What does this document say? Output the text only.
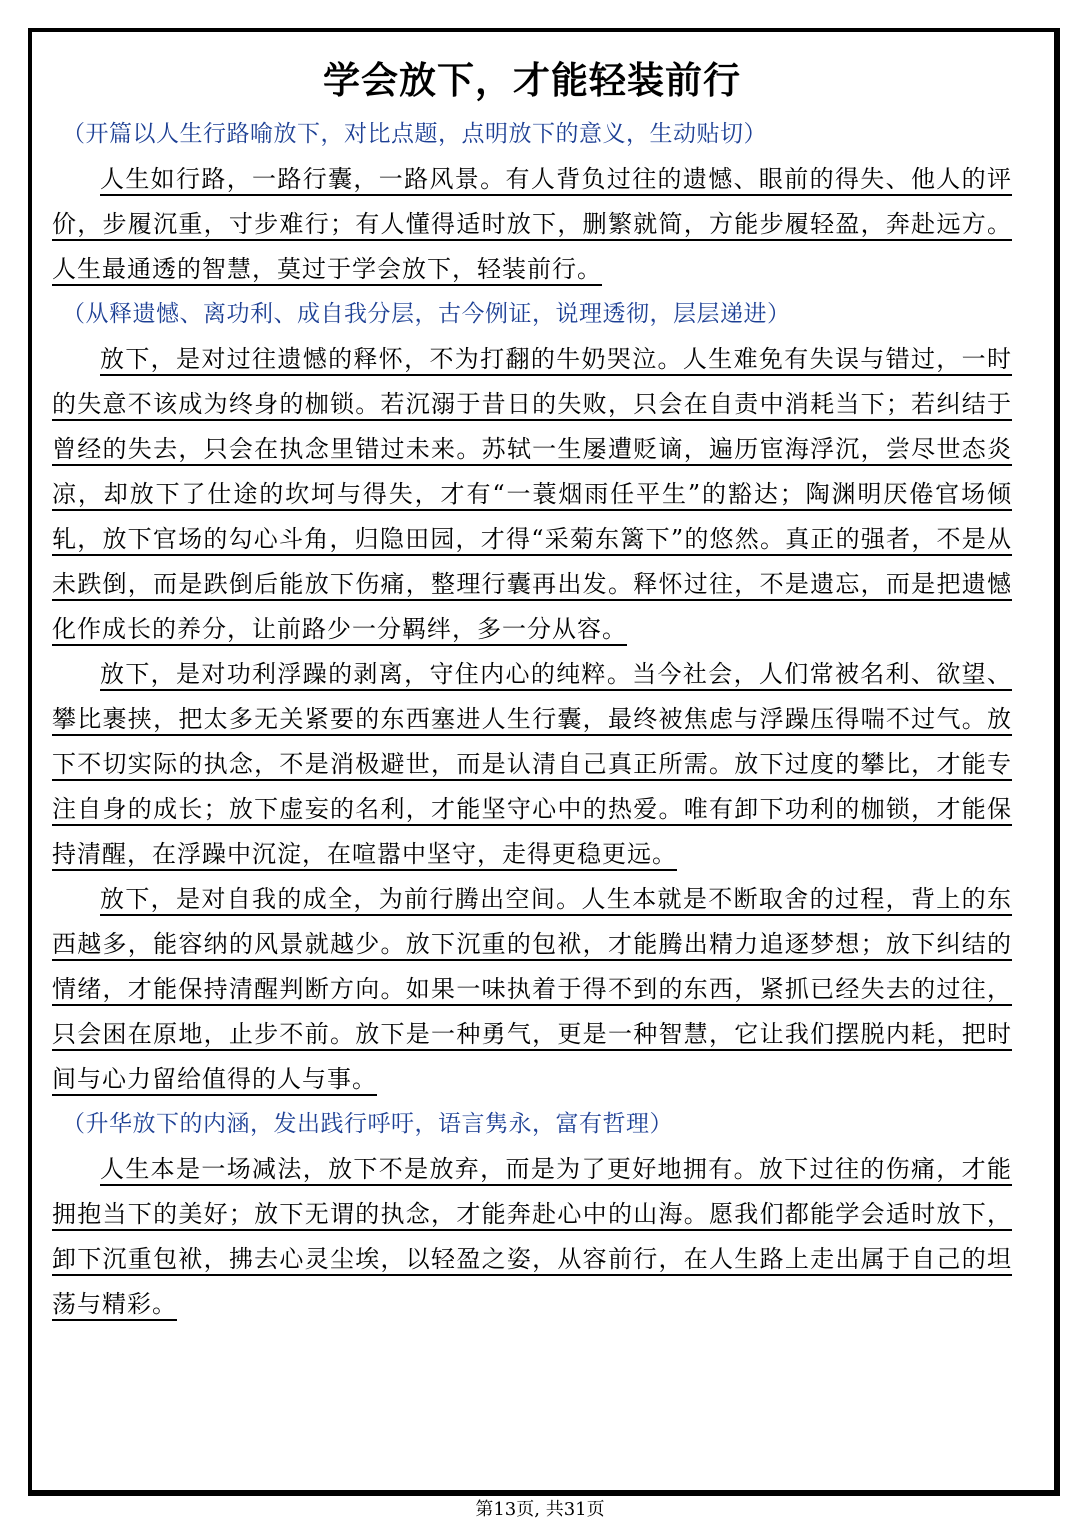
学会放下，才能轻装前行

（开篇以人生行路喻放下，对比点题，点明放下的意义，生动贴切）

人生如行路，一路行囊，一路风景。有人背负过往的遗憾、眼前的得失、他人的评价，步履沉重，寸步难行；有人懂得适时放下，删繁就简，方能步履轻盈，奔赴远方。人生最通透的智慧，莫过于学会放下，轻装前行。

（从释遗憾、离功利、成自我分层，古今例证，说理透彻，层层递进）

放下，是对过往遗憾的释怀，不为打翻的牛奶哭泣。人生难免有失误与错过，一时的失意不该成为终身的枷锁。若沉溺于昔日的失败，只会在自责中消耗当下；若纠结于曾经的失去，只会在执念里错过未来。苏轼一生屡遭贬谪，遍历宦海浮沉，尝尽世态炎凉，却放下了仕途的坎坷与得失，才有“一蓑烟雨任平生”的豁达；陶渊明厌倦官场倾轧，放下官场的勾心斗角，归隐田园，才得“采菊东篱下”的悠然。真正的强者，不是从未跌倒，而是跌倒后能放下伤痛，整理行囊再出发。释怀过往，不是遗忘，而是把遗憾化作成长的养分，让前路少一分羁绊，多一分从容。

放下，是对功利浮躁的剥离，守住内心的纯粹。当今社会，人们常被名利、欲望、攀比裹挟，把太多无关紧要的东西塞进人生行囊，最终被焦虑与浮躁压得喘不过气。放下不切实际的执念，不是消极避世，而是认清自己真正所需。放下过度的攀比，才能专注自身的成长；放下虚妄的名利，才能坚守心中的热爱。唯有卸下功利的枷锁，才能保持清醒，在浮躁中沉淀，在喧嚣中坚守，走得更稳更远。

放下，是对自我的成全，为前行腾出空间。人生本就是不断取舍的过程，背上的东西越多，能容纳的风景就越少。放下沉重的包袱，才能腾出精力追逐梦想；放下纠结的情绪，才能保持清醒判断方向。如果一味执着于得不到的东西，紧抓已经失去的过往，只会困在原地，止步不前。放下是一种勇气，更是一种智慧，它让我们摆脱内耗，把时间与心力留给值得的人与事。

（升华放下的内涵，发出践行呼吁，语言隽永，富有哲理）

人生本是一场减法，放下不是放弃，而是为了更好地拥有。放下过往的伤痛，才能拥抱当下的美好；放下无谓的执念，才能奔赴心中的山海。愿我们都能学会适时放下，卸下沉重包袱，拂去心灵尘埃，以轻盈之姿，从容前行，在人生路上走出属于自己的坦荡与精彩。

第13页, 共31页
